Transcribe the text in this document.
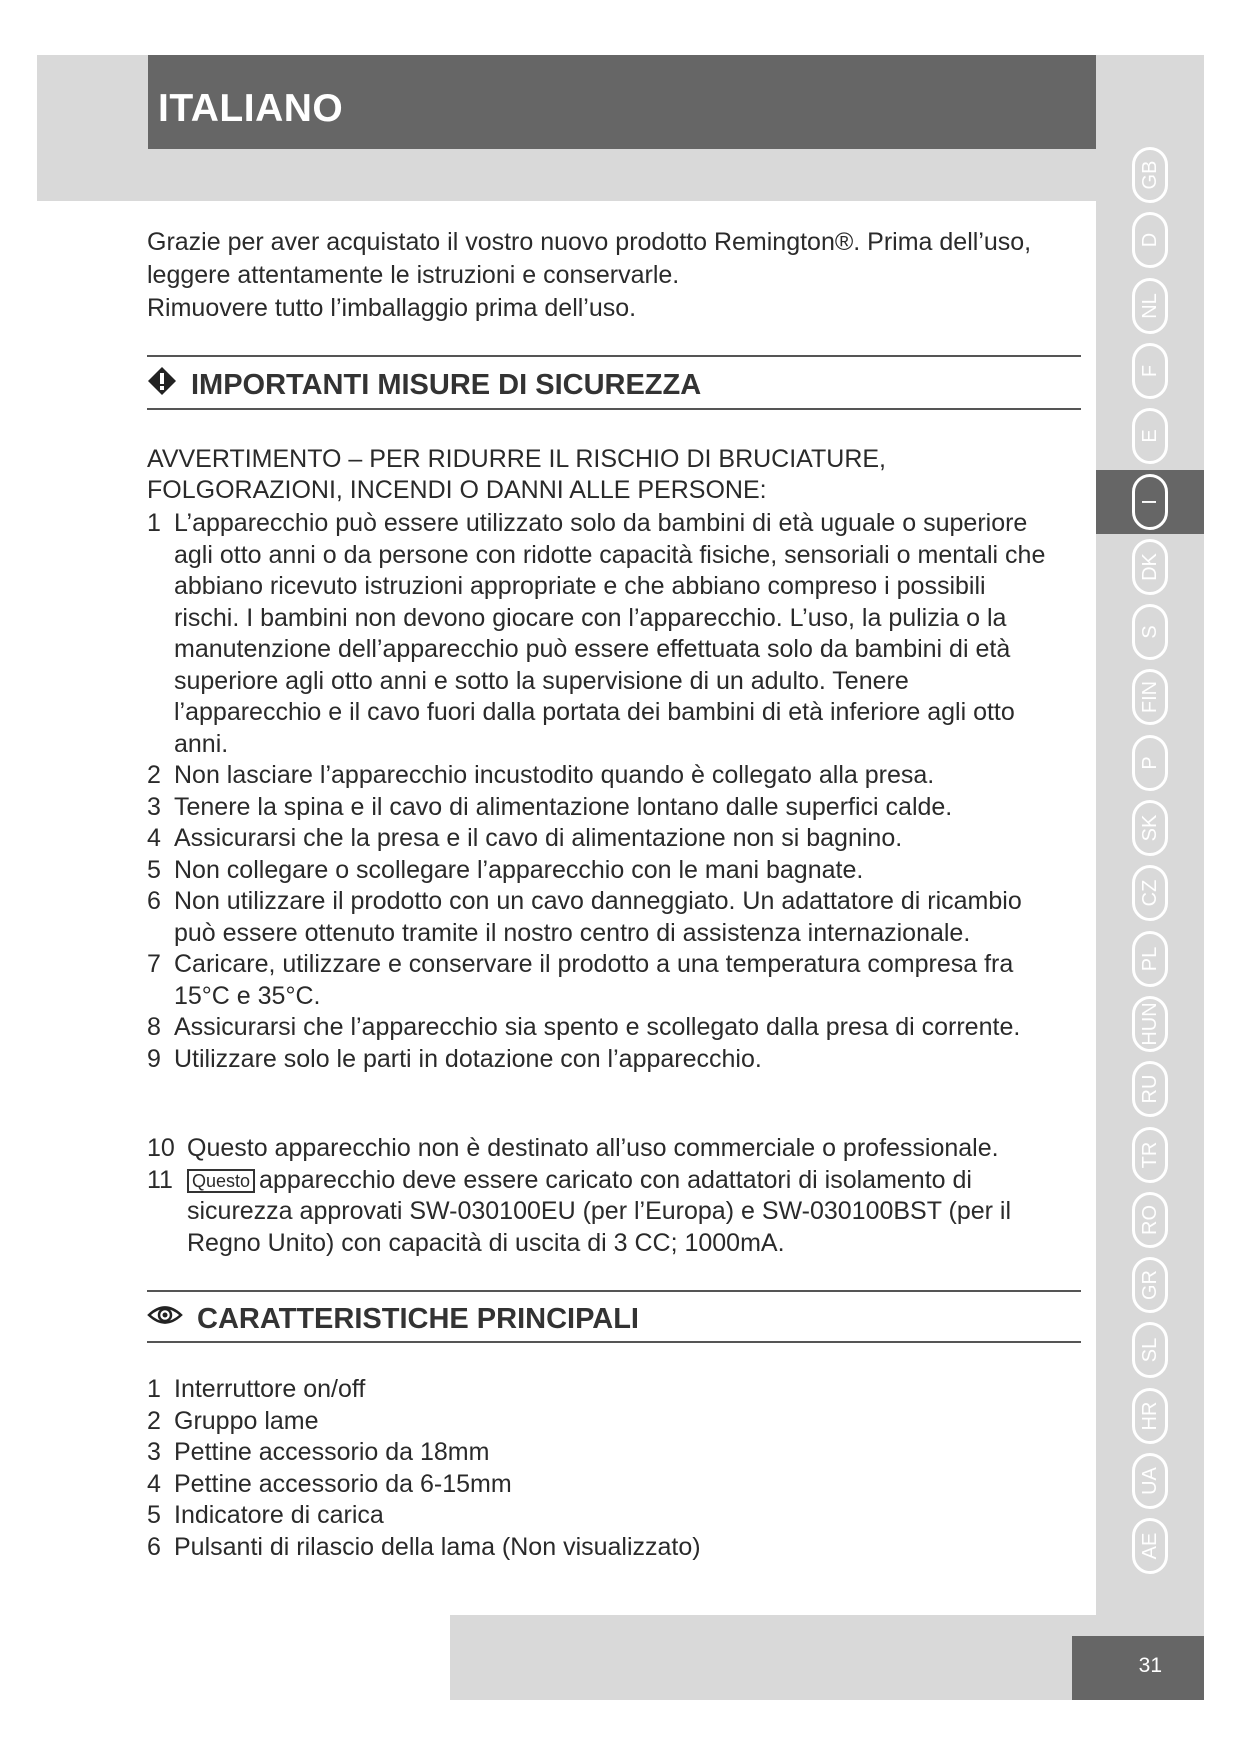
ITALIANO
GB
D
NL
F
E
I
DK
S
FIN
P
SK
CZ
PL
HUN
RU
TR
RO
GR
SL
HR
UA
AE
Grazie per aver acquistato il vostro nuovo prodotto Remington®. Prima dell’uso,
leggere attentamente le istruzioni e conservarle.
Rimuovere tutto l’imballaggio prima dell’uso.
IMPORTANTI MISURE DI SICUREZZA
AVVERTIMENTO – PER RIDURRE IL RISCHIO DI BRUCIATURE, FOLGORAZIONI, INCENDI O DANNI ALLE PERSONE:
1 L’apparecchio può essere utilizzato solo da bambini di età uguale o superiore agli otto anni o da persone con ridotte capacità fisiche, sensoriali o mentali che abbiano ricevuto istruzioni appropriate e che abbiano compreso i possibili rischi. I bambini non devono giocare con l’apparecchio. L’uso, la pulizia o la manutenzione dell’apparecchio può essere effettuata solo da bambini di età superiore agli otto anni e sotto la supervisione di un adulto. Tenere l’apparecchio e il cavo fuori dalla portata dei bambini di età inferiore agli otto anni.
2 Non lasciare l’apparecchio incustodito quando è collegato alla presa.
3 Tenere la spina e il cavo di alimentazione lontano dalle superfici calde.
4 Assicurarsi che la presa e il cavo di alimentazione non si bagnino.
5 Non collegare o scollegare l’apparecchio con le mani bagnate.
6 Non utilizzare il prodotto con un cavo danneggiato. Un adattatore di ricambio può essere ottenuto tramite il nostro centro di assistenza internazionale.
7 Caricare, utilizzare e conservare il prodotto a una temperatura compresa fra 15°C e 35°C.
8 Assicurarsi che l’apparecchio sia spento e scollegato dalla presa di corrente.
9 Utilizzare solo le parti in dotazione con l’apparecchio.
10 Questo apparecchio non è destinato all’uso commerciale o professionale.
11 Questo apparecchio deve essere caricato con adattatori di isolamento di sicurezza approvati SW-030100EU (per l’Europa) e SW-030100BST (per il Regno Unito) con capacità di uscita di 3 CC; 1000mA.
CARATTERISTICHE PRINCIPALI
1 Interruttore on/off
2 Gruppo lame
3 Pettine accessorio da 18mm
4 Pettine accessorio da 6-15mm
5 Indicatore di carica
6 Pulsanti di rilascio della lama (Non visualizzato)
31
